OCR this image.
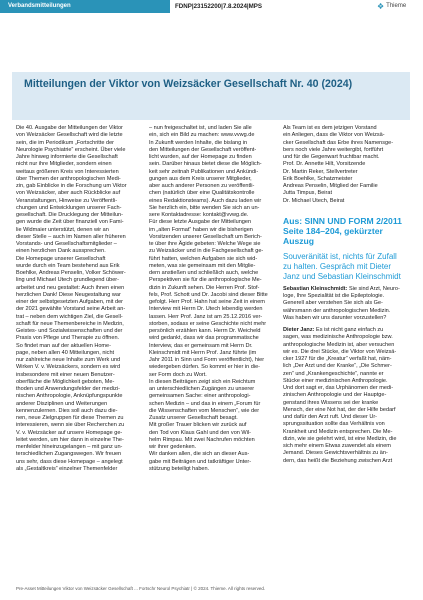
Verbandsmitteilungen	FDNP|23152200|7.8.2024|MPS	❖ Thieme
Mitteilungen der Viktor von Weizsäcker Gesellschaft Nr. 40 (2024)

Die 40. Ausgabe der Mitteilungen der Viktor
von Weizsäcker Gesellschaft wird die letzte
sein, die im Periodikum „Fortschritte der
Neurologie Psychiatrie“ erscheint. Über viele
Jahre hinweg informierte die Gesellschaft
nicht nur ihre Mitglieder, sondern einen
weitaus größeren Kreis von Interessierten
über Themen der anthropologischen Medi-
zin, gab Einblicke in die Forschung um Viktor
von Weizsäcker, aber auch Rückblicke auf
Veranstaltungen, Hinweise zu Veröffentli-
chungen und Entwicklungen unserer Fach-
gesellschaft. Die Drucklegung der Mitteilun-
gen wurde die Zeit über finanziell von Fami-
lie Widmaier unterstützt, denen wir an
dieser Stelle – auch im Namen aller früheren
Vorstands- und Gesellschaftsmitglieder –
einen herzlichen Dank aussprechen.
Die Homepage unserer Gesellschaft
wurde durch ein Team bestehend aus Erik
Boehlke, Andreas Penselin, Volker Schöwer-
ling und Michael Utech grundlegend über-
arbeitet und neu gestaltet: Auch ihnen einen
herzlichen Dank! Diese Neugestaltung war
einer der selbstgesetzten Aufgaben, mit der
der 2021 gewählte Vorstand seine Arbeit an-
trat – neben dem wichtigen Ziel, die Gesell-
schaft für neue Themenbereiche in Medizin,
Geistes- und Sozialwissenschaften und der
Praxis von Pflege und Therapie zu öffnen.
So findet man auf der aktuellen Home-
page, neben allen 40 Mitteilungen, nicht
nur zahlreiche neue Inhalte zum Werk und
Wirken V. v. Weizsäckers, sondern es wird
insbesondere mit einer neuen Benutzer-
oberfläche die Möglichkeit geboten, Me-
thoden und Anwendungsfelder der medizi-
nischen Anthropologie, Anknüpfungspunkte
anderer Disziplinen und Weiterungen
kennenzulernen. Dies soll auch dazu die-
nen, neue Zielgruppen für diese Themen zu
interessieren, wenn sie über Recherchen zu
V. v. Weizsäcker auf unsere Homepage ge-
leitet werden, um hier dann in einzelne The-
menfelder hineinzugelangen – mit ganz un-
terschiedlichen Zugangswegen. Wir freuen
uns sehr, dass diese Homepage – angelegt
als „Gestaltkreis“ einzelner Themenfelder

– nun freigeschaltet ist, und laden Sie alle
ein, sich ein Bild zu machen: www.vvwg.de
In Zukunft werden Inhalte, die bislang in
den Mitteilungen der Gesellschaft veröffent-
licht wurden, auf der Homepage zu finden
sein. Darüber hinaus bietet diese die Möglich-
keit sehr zeitnah Publikationen und Ankündi-
gungen aus dem Kreis unserer Mitglieder,
aber auch anderer Personen zu veröffentli-
chen (natürlich über eine Qualitätskontrolle
eines Redaktionsteams). Auch dazu laden wir
Sie herzlich ein, bitte wenden Sie sich an un-
sere Kontaktadresse: kontakt@vvwg.de.
Für diese letzte Ausgabe der Mitteilungen
im „alten Format“ haben wir die bisherigen
Vorsitzenden unserer Gesellschaft um Berich-
te über ihre Ägide gebeten: Welche Wege sie
zu Weizsäcker und in die Fachgesellschaft ge-
führt hatten, welchen Aufgaben sie sich wid-
meten, was sie gemeinsam mit den Mitglie-
dern anstießen und schließlich auch, welche
Perspektiven sie für die anthropologische Me-
dizin in Zukunft sehen. Die Herren Prof. Stof-
fels, Prof. Schott und Dr. Jacobi sind dieser Bitte
gefolgt. Herr Prof. Hahn hat seine Zeit in einem
Interview mit Herrn Dr. Utech lebendig werden
lassen. Herr Prof. Janz ist am 25.12.2016 ver-
storben, sodass er seine Geschichte nicht mehr
persönlich erzählen kann. Herrn Dr. Weicheld
wird gedankt, dass wir das programmatische
Interview, das er gemeinsam mit Herrn Dr.
Kleinschmidt mit Herrn Prof. Janz führte (im
Jahr 2011 in Sinn und Form veröffentlicht), hier
wiedergeben dürfen. So kommt er hier in die-
ser Form doch zu Wort.
In diesen Beiträgen zeigt sich ein Reichtum
an unterschiedlichen Zugängen zu unserer
gemeinsamen Sache: einer anthropologi-
schen Medizin – und das in einem „Forum für
die Wissenschaften vom Menschen“, wie der
Zusatz unserer Gesellschaft besagt.
Mit großer Trauer blicken wir zurück auf
den Tod von Klaus Gahl und den von Wil-
helm Rimpau. Mit zwei Nachrufen möchten
wir ihrer gedenken.
Wir danken allen, die sich an dieser Aus-
gabe mit Beiträgen und tatkräftiger Unter-
stützung beteiligt haben.

Als Team ist es dem jetzigen Vorstand
ein Anliegen, dass die Viktor von Weizsä-
cker Gesellschaft das Erbe ihres Namensge-
bers noch viele Jahre weitergibt, fortführt
und für die Gegenwart fruchtbar macht.

Prof. Dr. Annette Hilt, Vorsitzende
Dr. Martin Reker, Stellvertreter
Erik Boehlke, Schatzmeister
Andreas Penselin, Mitglied der Familie
Jutta Timpus, Beirat
Dr. Michael Utech, Beirat

Aus: SINN UND FORM 2/2011 Seite 184–204, gekürzter Auszug
Souveränität ist, nichts für Zufall zu halten. Gespräch mit Dieter Janz und Sebastian Kleinschmidt

Sebastian Kleinschmidt: Sie sind Arzt, Neuro-
loge, Ihre Spezialität ist die Epileptologie.
Generell aber verstehen Sie sich als Ge-
währsmann der anthropologischen Medizin.
Was haben wir uns darunter vorzustellen?

Dieter Janz: Es ist nicht ganz einfach zu
sagen, was medizinische Anthropologie bzw.
anthropologische Medizin ist, aber versuchen
wir es. Die drei Stücke, die Viktor von Weizsä-
cker 1927 für die „Kreatur“ verfaßt hat, näm-
lich „Der Arzt und der Kranke“, „Die Schmer-
zen“ und „Krankengeschichte“, nannte er
Stücke einer medizinischen Anthropologie.
Und dort sagt er, das Urphänomen der medi-
zinischen Anthropologie und der Hauptge-
genstand ihres Wissens sei der kranke
Mensch, der eine Not hat, der der Hilfe bedarf
und dafür den Arzt ruft. Und dieser Ur-
sprungssituation sollte das Verhältnis von
Krankheit und Medizin entsprechen. Die Me-
dizin, wie sie gelehrt wird, ist eine Medizin, die
sich mehr einem Etwas zuwendet als einem
Jemand. Dieses Gewichtsverhältnis zu än-
dern, das heißt die Beziehung zwischen Arzt

Pre-Asset Mitteilungen Viktor von Weizsäcker Gesellschaft ... Fortschr Neurol Psychiatr | © 2024. Thieme. All rights reserved.
